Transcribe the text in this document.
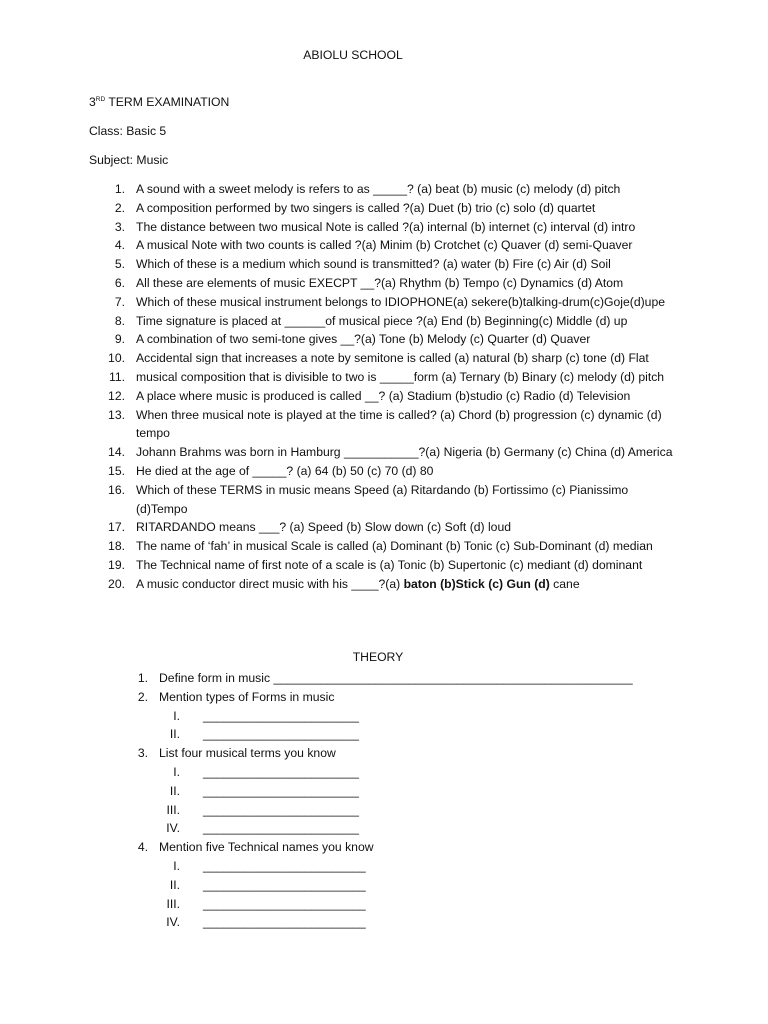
ABIOLU SCHOOL
3RD TERM EXAMINATION
Class: Basic 5
Subject: Music
1. A sound with a sweet melody is refers to as _____? (a) beat (b) music (c) melody (d) pitch
2. A composition performed by two singers is called ?(a) Duet (b) trio (c) solo (d) quartet
3. The distance between two musical Note is called ?(a) internal (b) internet (c) interval (d) intro
4. A musical Note with two counts is called ?(a) Minim (b) Crotchet (c) Quaver (d) semi-Quaver
5. Which of these is a medium which sound is transmitted? (a) water (b) Fire (c) Air (d) Soil
6. All these are elements of music EXECPT __?(a) Rhythm (b) Tempo (c) Dynamics (d) Atom
7. Which of these musical instrument belongs to IDIOPHONE(a) sekere(b)talking-drum(c)Goje(d)upe
8. Time signature is placed at ______of musical piece ?(a) End (b) Beginning(c) Middle (d) up
9. A combination of two semi-tone gives __?(a) Tone (b) Melody (c) Quarter (d) Quaver
10. Accidental sign that increases a note by semitone is called (a) natural (b) sharp (c) tone (d) Flat
11. musical composition that is divisible to two is _____form (a) Ternary (b) Binary (c) melody (d) pitch
12. A place where music is produced is called __? (a) Stadium (b)studio (c) Radio (d) Television
13. When three musical note is played at the time is called? (a) Chord (b) progression (c) dynamic (d) tempo
14. Johann Brahms was born in Hamburg ___________?(a) Nigeria (b) Germany (c) China (d) America
15. He died at the age of _____? (a) 64 (b) 50 (c) 70 (d) 80
16. Which of these TERMS in music means Speed (a) Ritardando (b) Fortissimo (c) Pianissimo (d)Tempo
17. RITARDANDO means ___? (a) Speed (b) Slow down (c) Soft (d) loud
18. The name of ‘fah’ in musical Scale is called (a) Dominant (b) Tonic (c) Sub-Dominant (d) median
19. The Technical name of first note of a scale is (a) Tonic (b) Supertonic (c) mediant (d) dominant
20. A music conductor direct music with his ____?(a) baton (b)Stick (c) Gun (d) cane
THEORY
1. Define form in music _____________________________________________________
2. Mention types of Forms in music
I. _______________________
II. _______________________
3. List four musical terms you know
I. _______________________
II. _______________________
III. _______________________
IV. _______________________
4. Mention five Technical names you know
I. ________________________
II. ________________________
III. ________________________
IV. ________________________
